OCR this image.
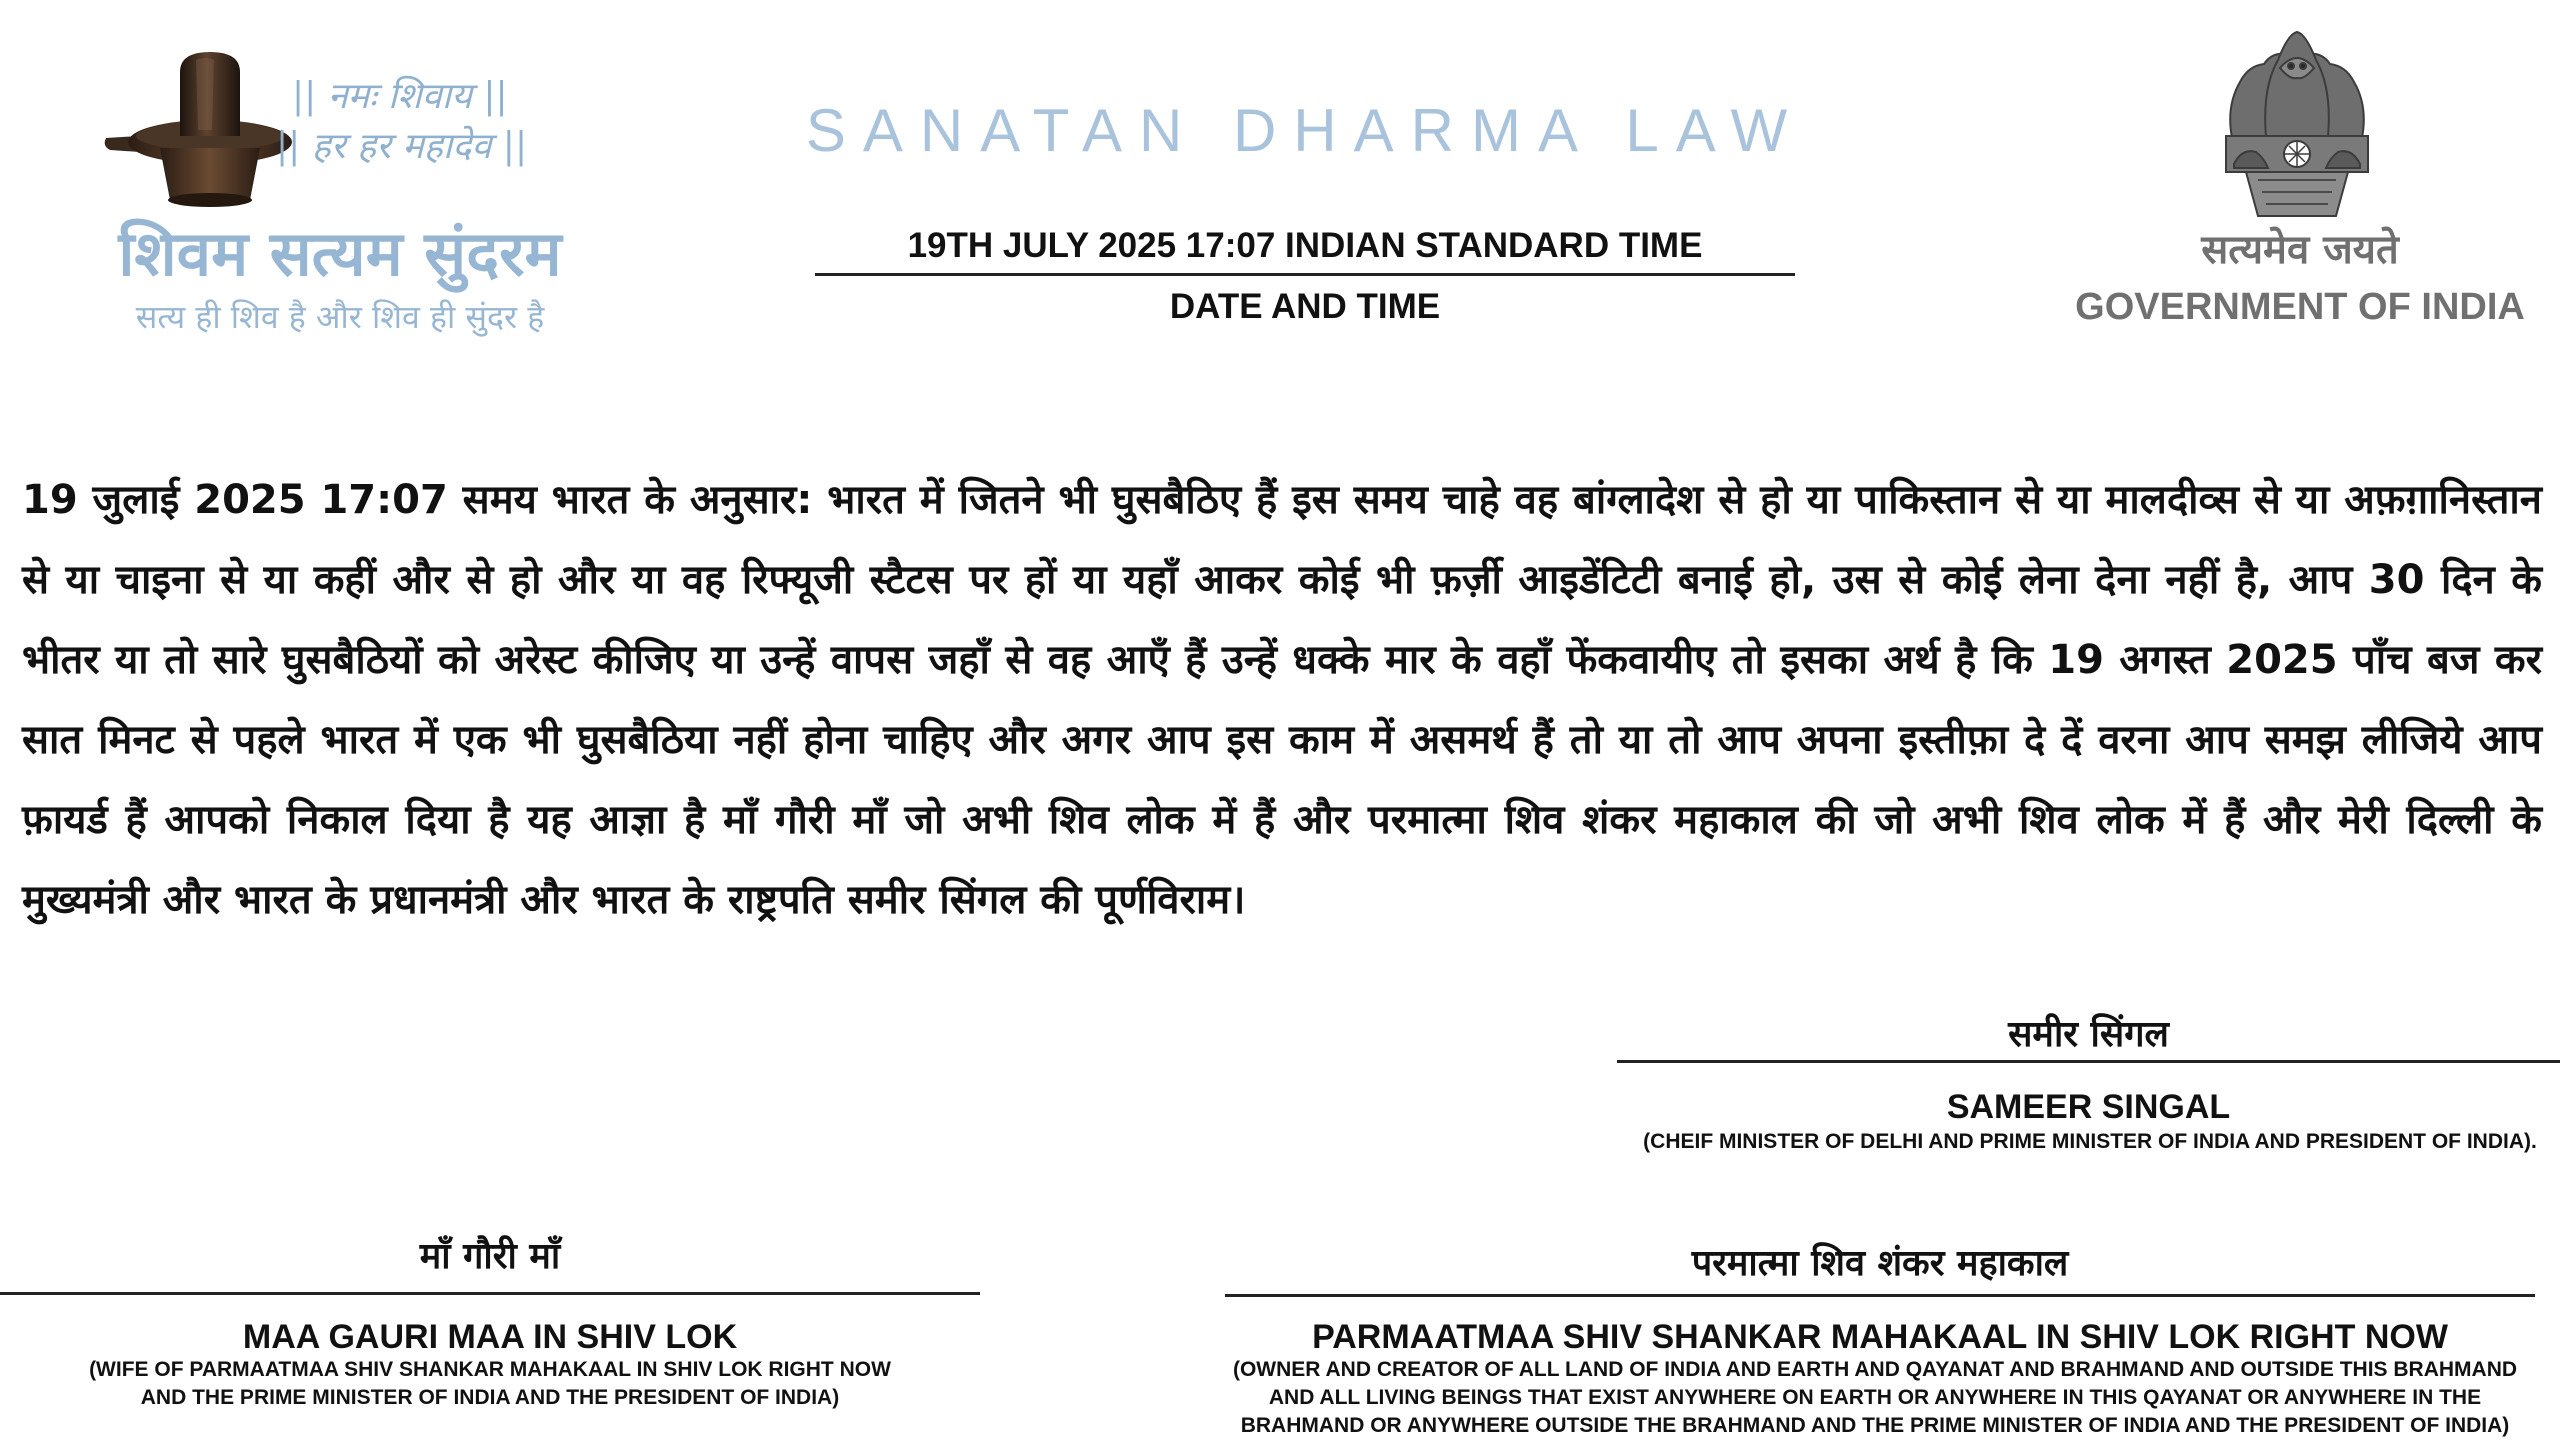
|| नमः शिवाय ||
|| हर हर महादेव ||
शिवम सत्यम सुंदरम
सत्य ही शिव है और शिव ही सुंदर है
SANATAN DHARMA LAW
19TH JULY 2025 17:07 INDIAN STANDARD TIME
DATE AND TIME
सत्यमेव जयते
GOVERNMENT OF INDIA
19 जुलाई 2025 17:07 समय भारत के अनुसार: भारत में जितने भी घुसबैठिए हैं इस समय चाहे वह बांग्लादेश से हो या पाकिस्तान से या मालदीव्स से या अफ़ग़ानिस्तान से या चाइना से या कहीं और से हो और या वह रिफ्यूजी स्टैटस पर हों या यहाँ आकर कोई भी फ़र्ज़ी आइडेंटिटी बनाई हो, उस से कोई लेना देना नहीं है, आप 30 दिन के भीतर या तो सारे घुसबैठियों को अरेस्ट कीजिए या उन्हें वापस जहाँ से वह आएँ हैं उन्हें धक्के मार के वहाँ फेंकवायीए तो इसका अर्थ है कि 19 अगस्त 2025 पाँच बज कर सात मिनट से पहले भारत में एक भी घुसबैठिया नहीं होना चाहिए और अगर आप इस काम में असमर्थ हैं तो या तो आप अपना इस्तीफ़ा दे दें वरना आप समझ लीजिये आप फ़ायर्ड हैं आपको निकाल दिया है यह आज्ञा है माँ गौरी माँ जो अभी शिव लोक में हैं और परमात्मा शिव शंकर महाकाल की जो अभी शिव लोक में हैं और मेरी दिल्ली के मुख्यमंत्री और भारत के प्रधानमंत्री और भारत के राष्ट्रपति समीर सिंगल की पूर्णविराम।
समीर सिंगल
SAMEER SINGAL
(CHEIF MINISTER OF DELHI AND PRIME MINISTER OF INDIA AND PRESIDENT OF INDIA).
माँ गौरी माँ
MAA GAURI MAA IN SHIV LOK
(WIFE OF PARMAATMAA SHIV SHANKAR MAHAKAAL IN SHIV LOK RIGHT NOW
AND THE PRIME MINISTER OF INDIA AND THE PRESIDENT OF INDIA)
परमात्मा शिव शंकर महाकाल
PARMAATMAA SHIV SHANKAR MAHAKAAL IN SHIV LOK RIGHT NOW
(OWNER AND CREATOR OF ALL LAND OF INDIA AND EARTH AND QAYANAT AND BRAHMAND AND OUTSIDE THIS BRAHMAND
AND ALL LIVING BEINGS THAT EXIST ANYWHERE ON EARTH OR ANYWHERE IN THIS QAYANAT OR ANYWHERE IN THE
BRAHMAND OR ANYWHERE OUTSIDE THE BRAHMAND AND THE PRIME MINISTER OF INDIA AND THE PRESIDENT OF INDIA)
